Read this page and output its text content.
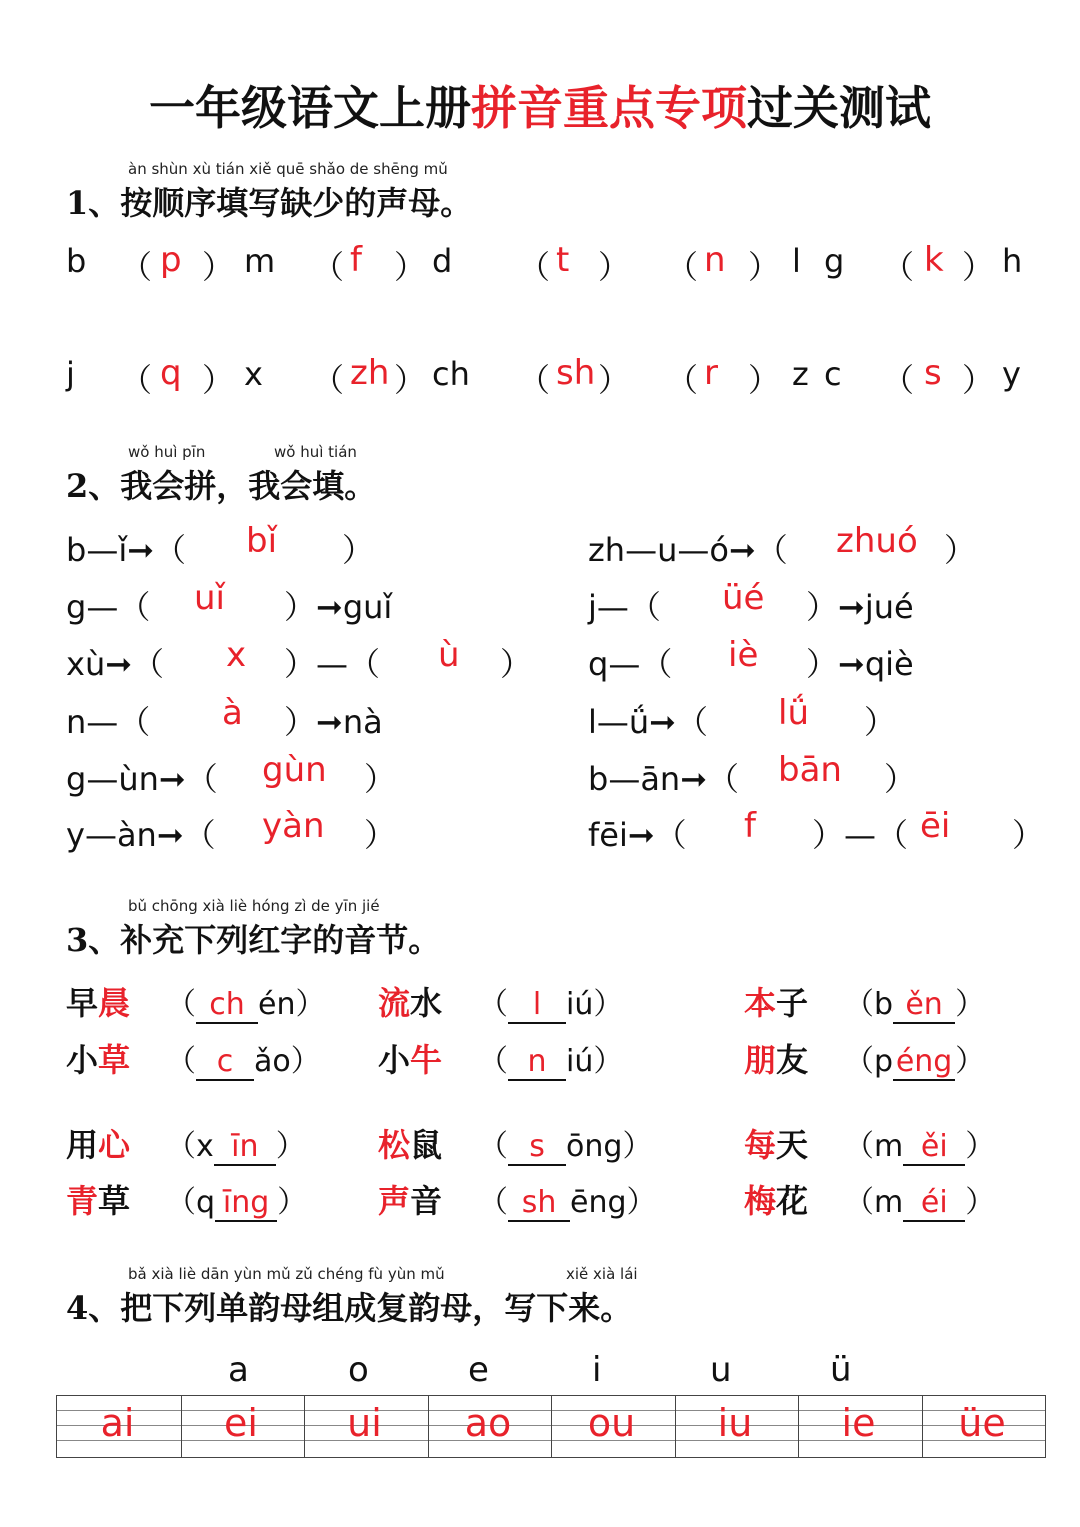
一年级语文上册拼音重点专项过关测试
àn shùn xù tián xiě quē shǎo de shēng mǔ
1、按顺序填写缺少的声母。
b （ p ） m （ f ） d （ t ） （ n ） l g （ k ） h
j （ q ） x （ zh ） ch （ sh ） （ r ） z c （ s ） y
wǒ huì pīn	wǒ huì tián
2、我会拼，我会填。
b—ǐ➞（ bǐ ）
g—（ uǐ ）➞guǐ
xù➞（ x ）—（ ù ）
n—（ à ）➞nà
g—ùn➞（ gùn ）
y—àn➞（ yàn ）
zh—u—ó➞（ zhuó ）
j—（ üé ）➞jué
q—（ iè ）➞qiè
l—ǘ➞（ lǘ ）
b—ān➞（ bān ）
fēi➞（ f ）—（ ēi ）
bǔ chōng xià liè hóng zì de yīn jié
3、补充下列红字的音节。
早晨 （ ch én） 流水 （ l iú）	本子 （b ěn ）
小草 （ c ǎo） 小牛 （ n iú）	朋友 （péng）
用心 （x īn ） 松鼠 （ s ōng）	每天 （m ěi ）
青草 （q īng ） 声音 （ sh ēng）	梅花 （m éi ）
bǎ xià liè dān yùn mǔ zǔ chéng fù yùn mǔ	xiě xià lái
4、把下列单韵母组成复韵母，写下来。
a	o	e	i	u	ü
ai	ei	ui	ao	ou	iu	ie	üe
